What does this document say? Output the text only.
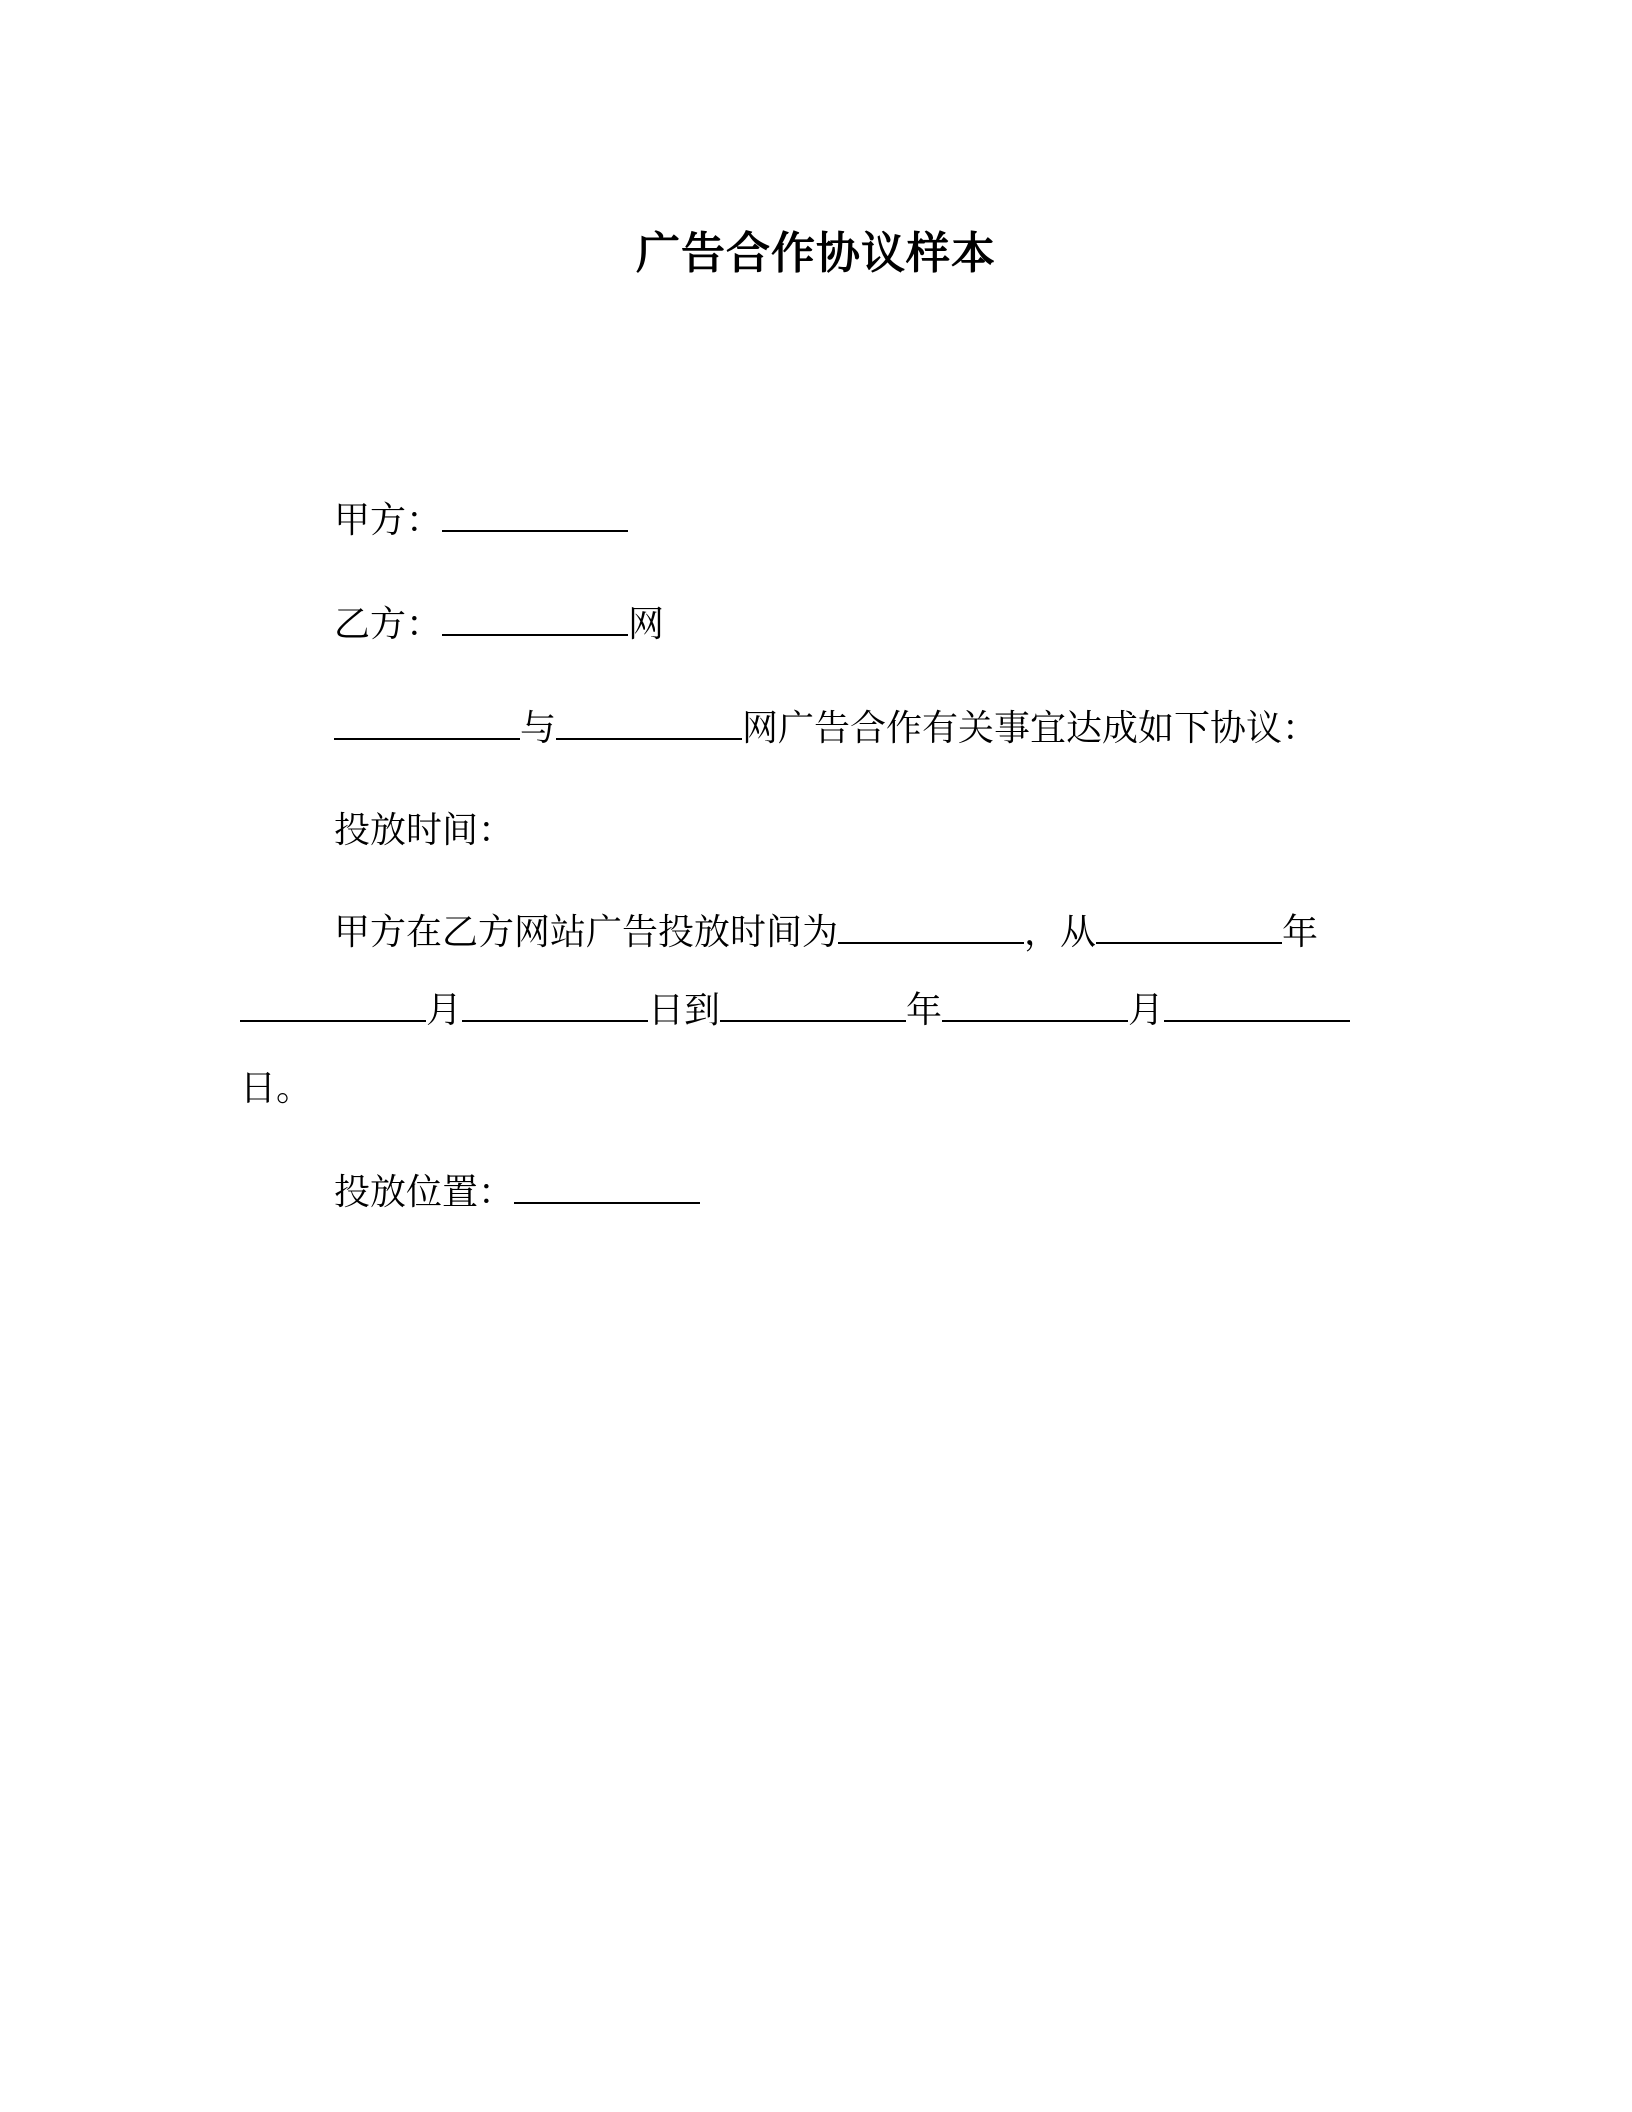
广告合作协议样本

甲方：

乙方：	网

与	网广告合作有关事宜达成如下协议：

投放时间：

甲方在乙方网站广告投放时间为	，从	年

月	日到	年	月

日。

投放位置：
